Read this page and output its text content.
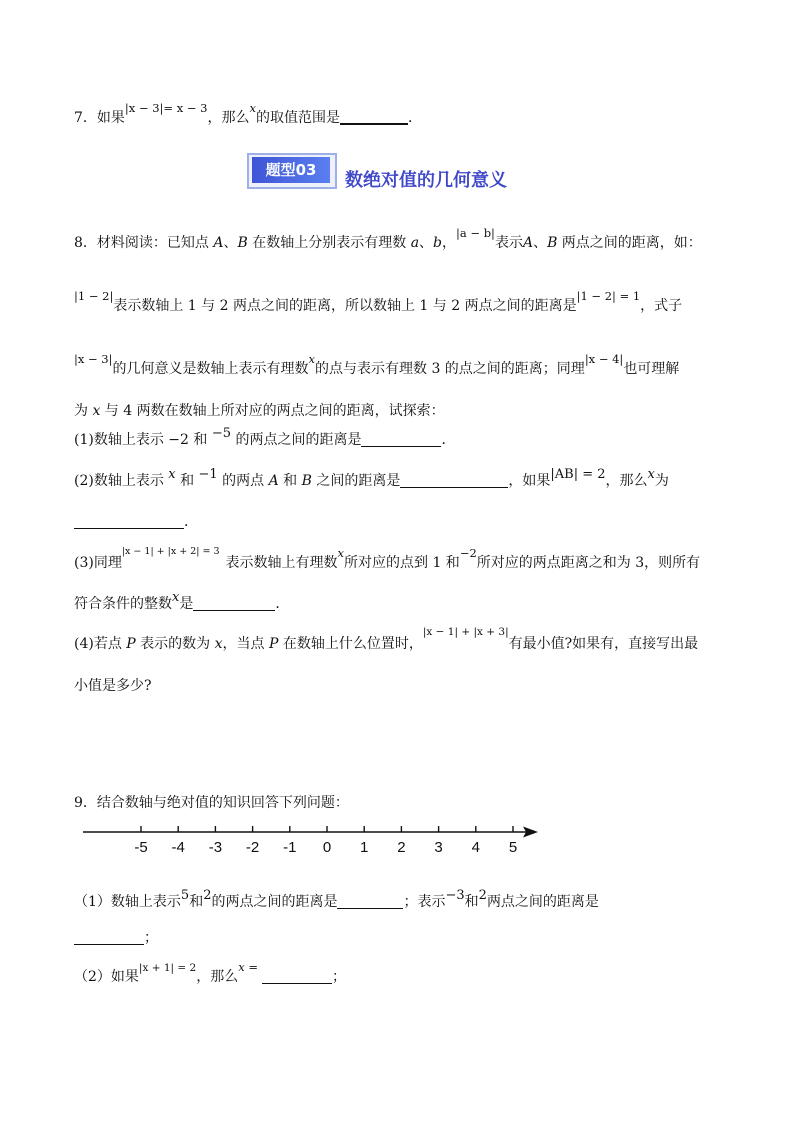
7．如果$^{|x - 3|= x - 3}$，那么$^x$的取值范围是	．
题型03	数绝对值的几何意义
8．材料阅读：已知点 A、B 在数轴上分别表示有理数 a、b，$^{|a - b|}$表示A、B 两点之间的距离，如：
$^{|1 - 2|}$表示数轴上 1 与 2 两点之间的距离，所以数轴上 1 与 2 两点之间的距离是$^{|1 - 2| = 1}$，式子
$^{|x - 3|}$的几何意义是数轴上表示有理数$^x$的点与表示有理数 3 的点之间的距离；同理$^{|x - 4|}$也可理解
为 x 与 4 两数在数轴上所对应的两点之间的距离，试探索：
(1)数轴上表示 −2 和 −5 的两点之间的距离是	．
(2)数轴上表示 x 和 −1 的两点 A 和 B 之间的距离是	，如果|AB| = 2，那么x为
．
(3)同理$^{|x - 1| + |x + 2| = 3}$表示数轴上有理数$^x$所对应的点到 1 和$^{-2}$所对应的两点距离之和为 3，则所有
符合条件的整数x是	．
(4)若点 P 表示的数为 x，当点 P 在数轴上什么位置时，$^{|x - 1| + |x + 3|}$有最小值?如果有，直接写出最
小值是多少?
9．结合数轴与绝对值的知识回答下列问题：
-5 -4 -3 -2 -1 0 1 2 3 4 5
（1）数轴上表示5和2的两点之间的距离是	；表示−3和2两点之间的距离是
；
（2）如果$^{|x + 1| = 2}$，那么$^{x =}$；
